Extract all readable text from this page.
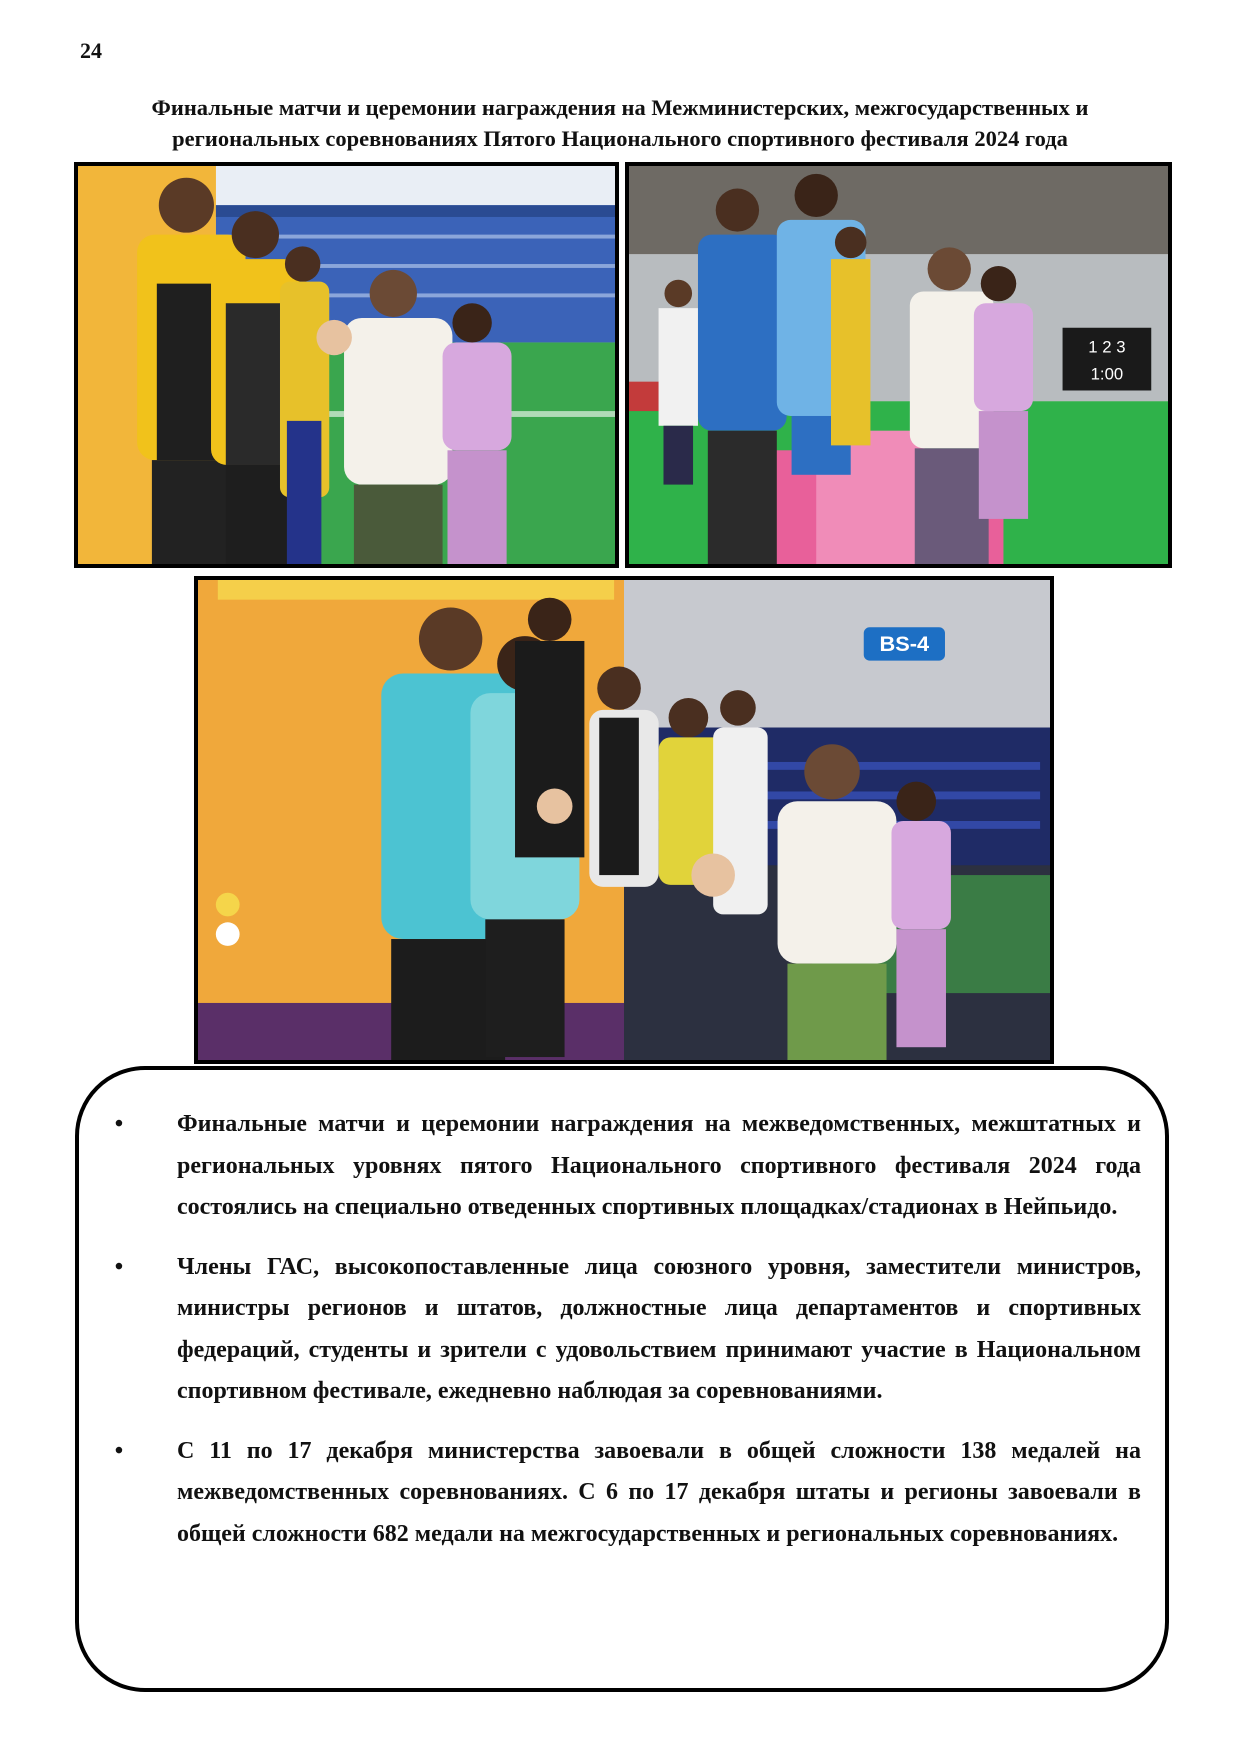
24
Финальные матчи и церемонии награждения на Межминистерских, межгосударственных и
региональных соревнованиях Пятого Национального спортивного фестиваля 2024 года
1 2 3
1:00
BS-4
• Финальные матчи и церемонии награждения на межведомственных, межштатных и региональных уровнях пятого Национального спортивного фестиваля 2024 года состоялись на специально отведенных спортивных площадках/стадионах в Нейпьидо.
• Члены ГАС, высокопоставленные лица союзного уровня, заместители министров, министры регионов и штатов, должностные лица департаментов и спортивных федераций, студенты и зрители с удовольствием принимают участие в Национальном спортивном фестивале, ежедневно наблюдая за соревнованиями.
• С 11 по 17 декабря министерства завоевали в общей сложности 138 медалей на межведомственных соревнованиях. С 6 по 17 декабря штаты и регионы завоевали в общей сложности 682 медали на межгосударственных и региональных соревнованиях.
